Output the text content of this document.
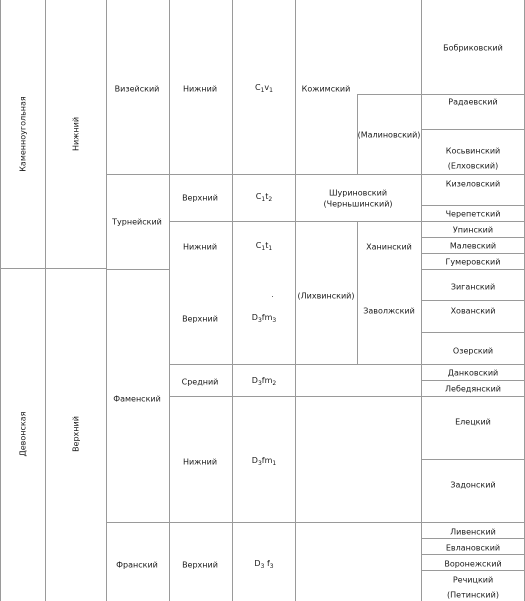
Каменноугольная
Девонская
Нижний
Верхний
Визейский
Турнейский
Фаменский
Франский
Нижний
Верхний
Нижний
Верхний
Средний
Нижний
Верхний
$C_1v_1$
$C_1t_2$
$C_1t_1$
$D_3fm_3$
$D_3fm_2$
$D_3fm_1$
$D_3$ $f_3$
Кожимский
(Малиновский)
Шуриновский
(Черньшинский)
(Лихвинский)
Ханинский
Заволжский
Бобриковский
Радаевский
Косьвинский
(Елховский)
Кизеловский
Черепетский
Упинский
Малевский
Гумеровский
Зиганский
Хованский
Озерский
Данковский
Лебедянский
Елецкий
Задонский
Ливенский
Евлановский
Воронежский
Речицкий
(Петинский)
